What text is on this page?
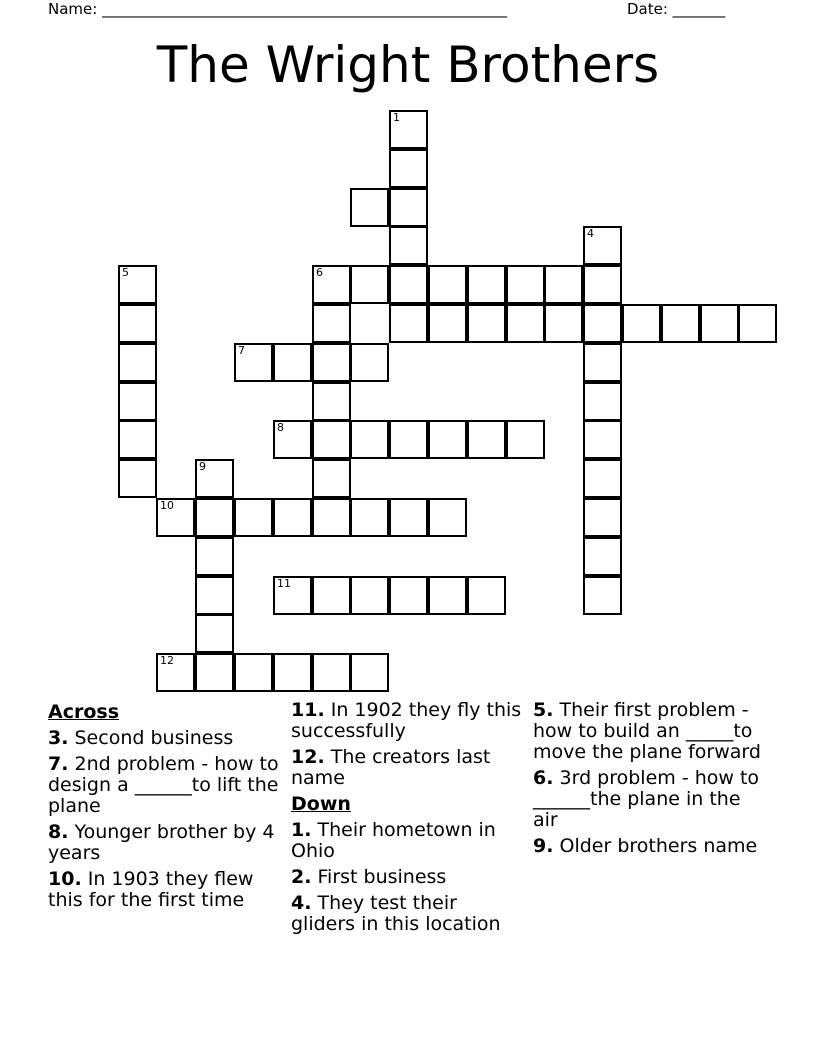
Name: ______________________________________________________	Date: _______
The Wright Brothers
1
4
5	6
7
8
9
10
11
12
Across
3. Second business
7. 2nd problem - how to design a ______to lift the plane
8. Younger brother by 4 years
10. In 1903 they flew this for the first time
11. In 1902 they fly this successfully
12. The creators last name
Down
1. Their hometown in Ohio
2. First business
4. They test their gliders in this location
5. Their first problem - how to build an _____to move the plane forward
6. 3rd problem - how to ______the plane in the air
9. Older brothers name
